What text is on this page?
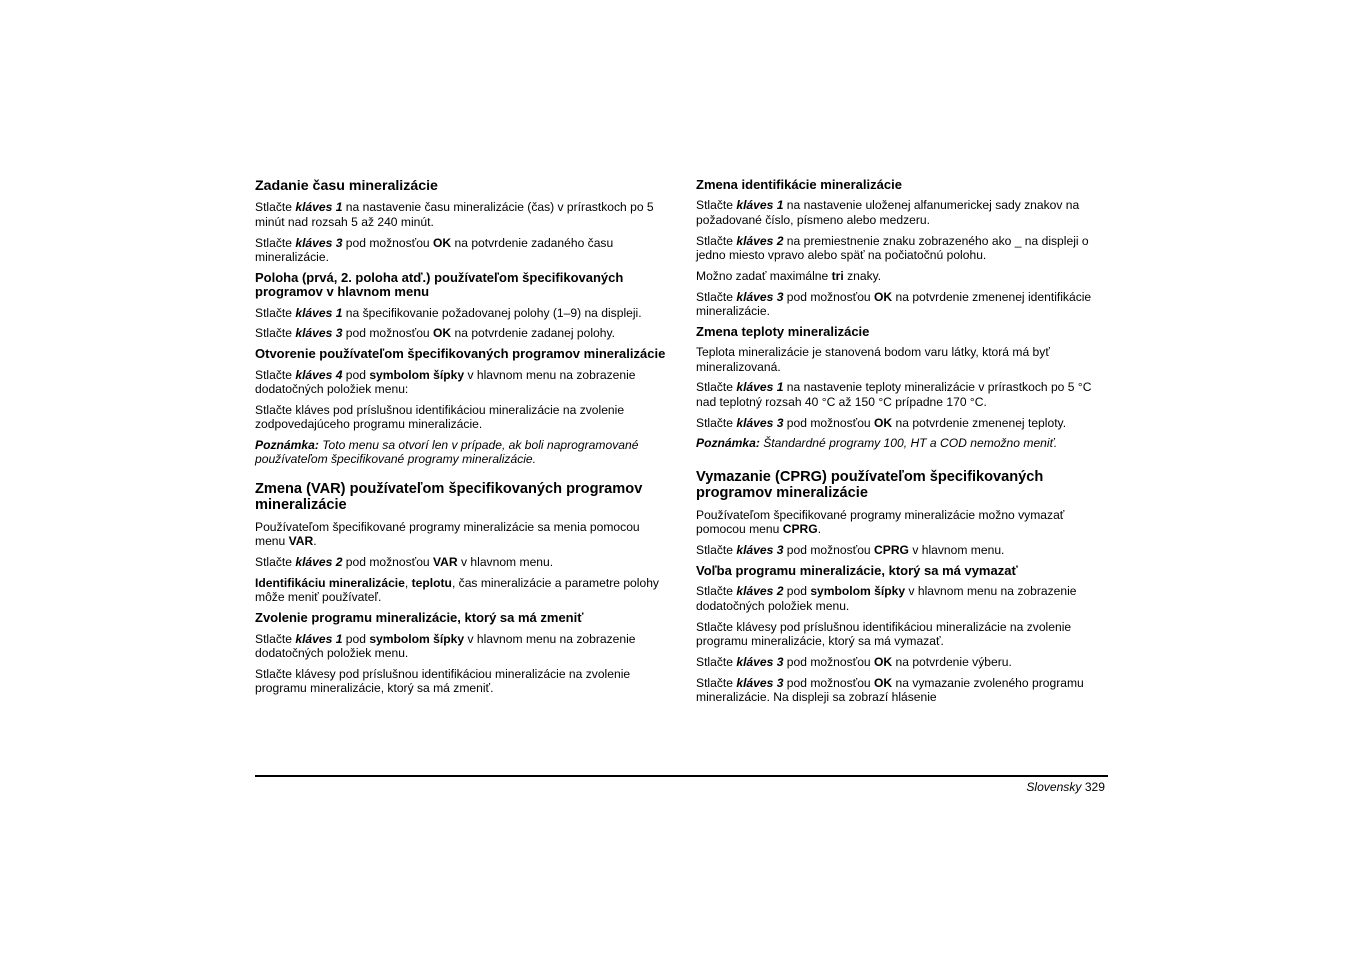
Zadanie času mineralizácie

Stlačte kláves 1 na nastavenie času mineralizácie (čas) v prírastkoch po 5 minút nad rozsah 5 až 240 minút.

Stlačte kláves 3 pod možnosťou OK na potvrdenie zadaného času mineralizácie.

Poloha (prvá, 2. poloha atď.) používateľom špecifikovaných programov v hlavnom menu

Stlačte kláves 1 na špecifikovanie požadovanej polohy (1–9) na displeji.

Stlačte kláves 3 pod možnosťou OK na potvrdenie zadanej polohy.

Otvorenie používateľom špecifikovaných programov mineralizácie

Stlačte kláves 4 pod symbolom šípky v hlavnom menu na zobrazenie dodatočných položiek menu:

Stlačte kláves pod príslušnou identifikáciou mineralizácie na zvolenie zodpovedajúceho programu mineralizácie.

Poznámka: Toto menu sa otvorí len v prípade, ak boli naprogramované používateľom špecifikované programy mineralizácie.

Zmena (VAR) používateľom špecifikovaných programov mineralizácie

Používateľom špecifikované programy mineralizácie sa menia pomocou menu VAR.

Stlačte kláves 2 pod možnosťou VAR v hlavnom menu.

Identifikáciu mineralizácie, teplotu, čas mineralizácie a parametre polohy môže meniť používateľ.

Zvolenie programu mineralizácie, ktorý sa má zmeniť

Stlačte kláves 1 pod symbolom šípky v hlavnom menu na zobrazenie dodatočných položiek menu.

Stlačte klávesy pod príslušnou identifikáciou mineralizácie na zvolenie programu mineralizácie, ktorý sa má zmeniť.

Zmena identifikácie mineralizácie

Stlačte kláves 1 na nastavenie uloženej alfanumerickej sady znakov na požadované číslo, písmeno alebo medzeru.

Stlačte kláves 2 na premiestnenie znaku zobrazeného ako _ na displeji o jedno miesto vpravo alebo späť na počiatočnú polohu.

Možno zadať maximálne tri znaky.

Stlačte kláves 3 pod možnosťou OK na potvrdenie zmenenej identifikácie mineralizácie.

Zmena teploty mineralizácie

Teplota mineralizácie je stanovená bodom varu látky, ktorá má byť mineralizovaná.

Stlačte kláves 1 na nastavenie teploty mineralizácie v prírastkoch po 5 °C nad teplotný rozsah 40 °C až 150 °C prípadne 170 °C.

Stlačte kláves 3 pod možnosťou OK na potvrdenie zmenenej teploty.

Poznámka: Štandardné programy 100, HT a COD nemožno meniť.

Vymazanie (CPRG) používateľom špecifikovaných programov mineralizácie

Používateľom špecifikované programy mineralizácie možno vymazať pomocou menu CPRG.

Stlačte kláves 3 pod možnosťou CPRG v hlavnom menu.

Voľba programu mineralizácie, ktorý sa má vymazať

Stlačte kláves 2 pod symbolom šípky v hlavnom menu na zobrazenie dodatočných položiek menu.

Stlačte klávesy pod príslušnou identifikáciou mineralizácie na zvolenie programu mineralizácie, ktorý sa má vymazať.

Stlačte kláves 3 pod možnosťou OK na potvrdenie výberu.

Stlačte kláves 3 pod možnosťou OK na vymazanie zvoleného programu mineralizácie. Na displeji sa zobrazí hlásenie

Slovensky 329
